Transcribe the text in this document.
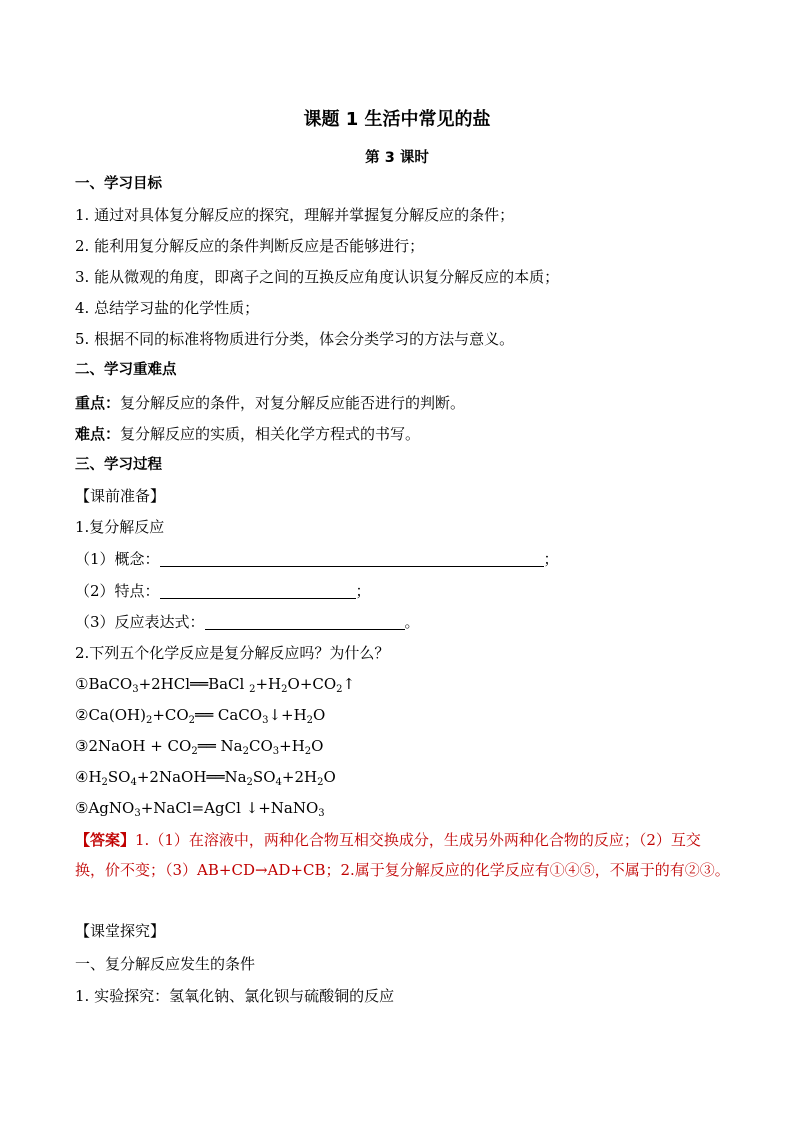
课题 1 生活中常见的盐
第 3 课时
一、学习目标
1. 通过对具体复分解反应的探究，理解并掌握复分解反应的条件；
2. 能利用复分解反应的条件判断反应是否能够进行；
3. 能从微观的角度，即离子之间的互换反应角度认识复分解反应的本质；
4. 总结学习盐的化学性质；
5. 根据不同的标准将物质进行分类，体会分类学习的方法与意义。
二、学习重难点
重点：复分解反应的条件，对复分解反应能否进行的判断。
难点：复分解反应的实质，相关化学方程式的书写。
三、学习过程
【课前准备】
1.复分解反应
（1）概念：	；
（2）特点：	；
（3）反应表达式：	。
2.下列五个化学反应是复分解反应吗？为什么？
①BaCO$_3$+2HCl══BaCl $_2+H_2O+CO_2↑$
$②Ca(OH)_2+CO_2══$ $CaCO_3↓+H_2O$
③2NaOH + $CO_2══$ $Na_2CO_3+H_2O$
$④H_2SO_4+2NaOH══Na_2SO_4+2H_2O$
⑤AgNO$_3$+NaCl=AgCl ↓+NaNO$_3$
【答案】1.（1）在溶液中，两种化合物互相交换成分，生成另外两种化合物的反应；（2）互交换，价不变；（3）AB+CD→AD+CB；2.属于复分解反应的化学反应有①④⑤，不属于的有②③。
【课堂探究】
一、复分解反应发生的条件
1. 实验探究：氢氧化钠、氯化钡与硫酸铜的反应
